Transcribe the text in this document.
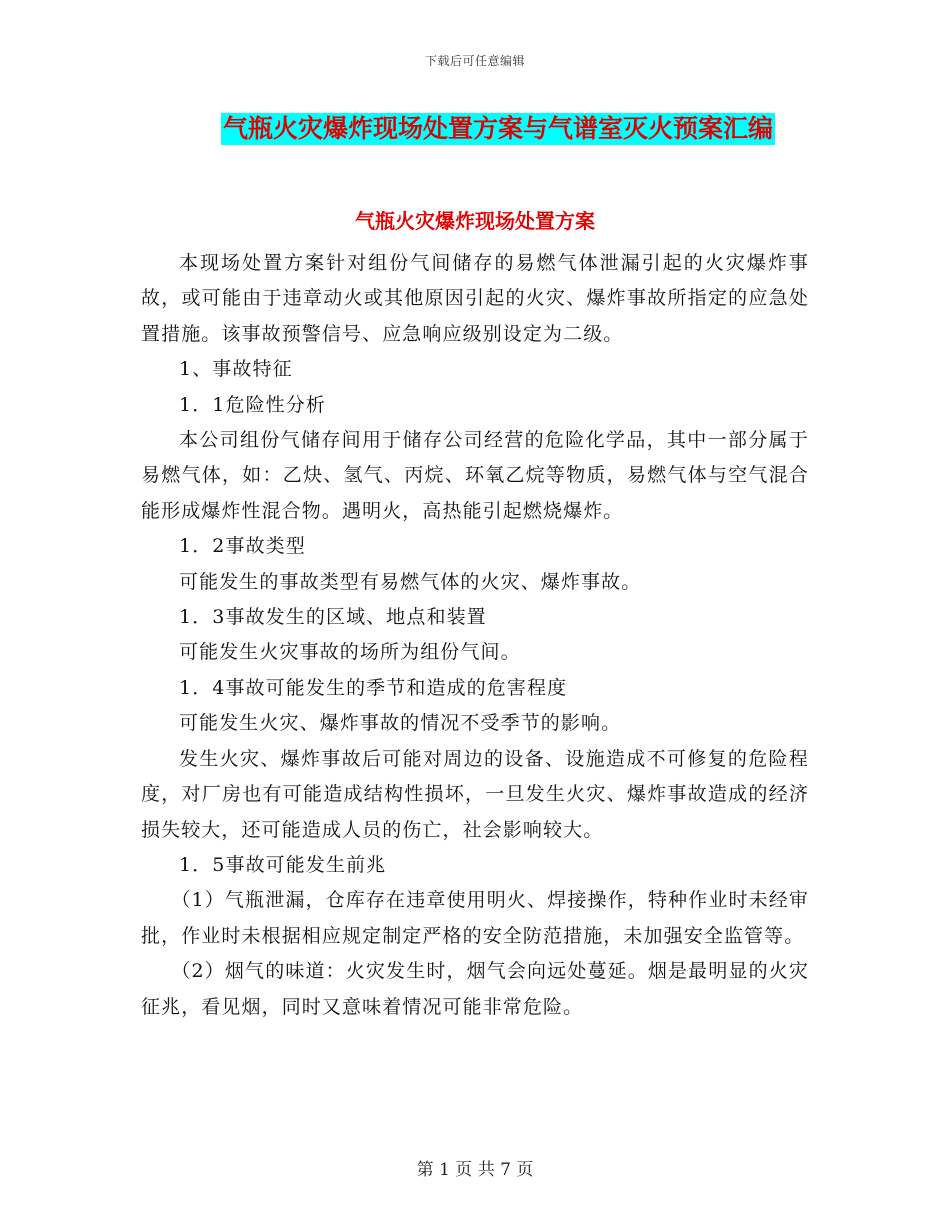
下载后可任意编辑
气瓶火灾爆炸现场处置方案与气谱室灭火预案汇编
气瓶火灾爆炸现场处置方案

本现场处置方案针对组份气间储存的易燃气体泄漏引起的火灾爆炸事故，或可能由于违章动火或其他原因引起的火灾、爆炸事故所指定的应急处置措施。该事故预警信号、应急响应级别设定为二级。

1、事故特征

1．1危险性分析

本公司组份气储存间用于储存公司经营的危险化学品，其中一部分属于易燃气体，如：乙炔、氢气、丙烷、环氧乙烷等物质，易燃气体与空气混合能形成爆炸性混合物。遇明火，高热能引起燃烧爆炸。

1．2事故类型

可能发生的事故类型有易燃气体的火灾、爆炸事故。

1．3事故发生的区域、地点和装置

可能发生火灾事故的场所为组份气间。

1．4事故可能发生的季节和造成的危害程度

可能发生火灾、爆炸事故的情况不受季节的影响。

发生火灾、爆炸事故后可能对周边的设备、设施造成不可修复的危险程度，对厂房也有可能造成结构性损坏，一旦发生火灾、爆炸事故造成的经济损失较大，还可能造成人员的伤亡，社会影响较大。

1．5事故可能发生前兆

（1）气瓶泄漏，仓库存在违章使用明火、焊接操作，特种作业时未经审批，作业时未根据相应规定制定严格的安全防范措施，未加强安全监管等。

（2）烟气的味道：火灾发生时，烟气会向远处蔓延。烟是最明显的火灾征兆，看见烟，同时又意味着情况可能非常危险。

第 1 页 共 7 页
